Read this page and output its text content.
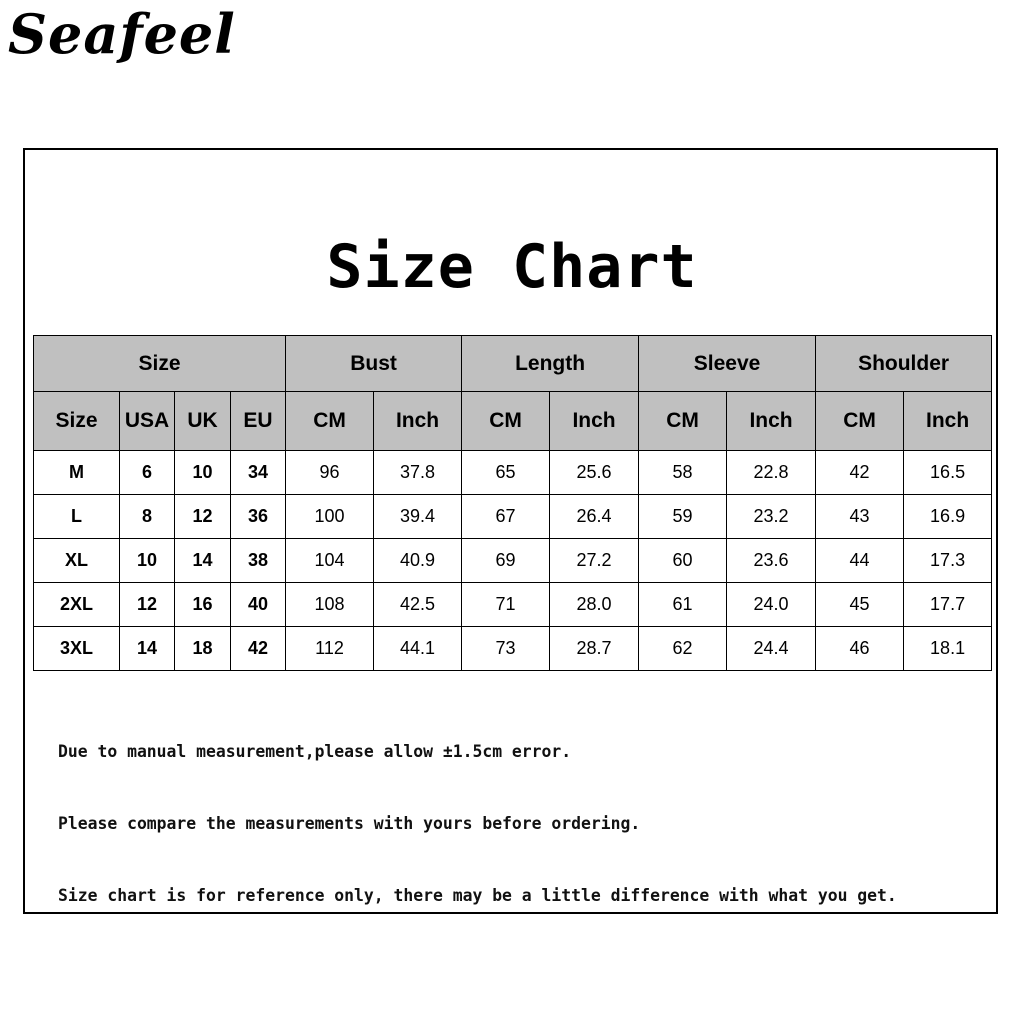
Seafeel
Size Chart
Size				Bust		Length		Sleeve		Shoulder	
Size	USA	UK	EU	CM	Inch	CM	Inch	CM	Inch	CM	Inch
M	6	10	34	96	37.8	65	25.6	58	22.8	42	16.5
L	8	12	36	100	39.4	67	26.4	59	23.2	43	16.9
XL	10	14	38	104	40.9	69	27.2	60	23.6	44	17.3
2XL	12	16	40	108	42.5	71	28.0	61	24.0	45	17.7
3XL	14	18	42	112	44.1	73	28.7	62	24.4	46	18.1

Due to manual measurement,please allow ±1.5cm error.

Please compare the measurements with yours before ordering.

Size chart is for reference only, there may be a little difference with what you get.
